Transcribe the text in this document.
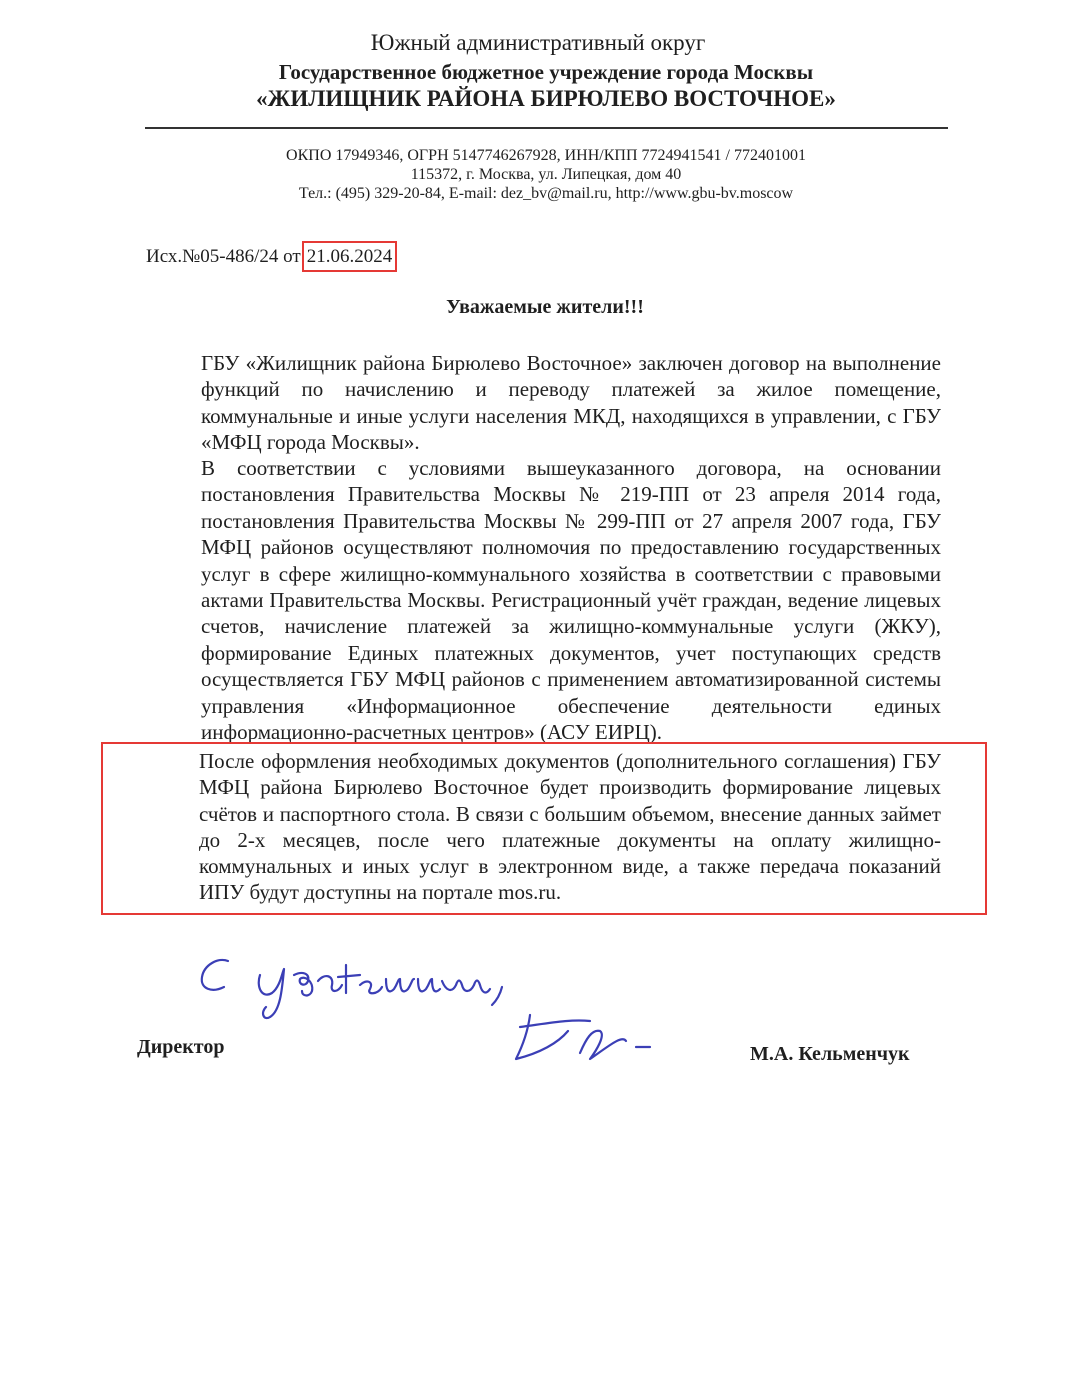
Южный административный округ
Государственное бюджетное учреждение города Москвы
«ЖИЛИЩНИК РАЙОНА БИРЮЛЕВО ВОСТОЧНОЕ»
ОКПО 17949346, ОГРН 5147746267928, ИНН/КПП 7724941541 / 772401001
115372, г. Москва, ул. Липецкая, дом 40
Тел.: (495) 329-20-84, E-mail: dez_bv@mail.ru, http://www.gbu-bv.moscow
Исх.№05-486/24 от 21.06.2024
Уважаемые жители!!!
ГБУ «Жилищник района Бирюлево Восточное» заключен договор на выполнение функций по начислению и переводу платежей за жилое помещение, коммунальные и иные услуги населения МКД, находящихся в управлении, с ГБУ «МФЦ города Москвы».
В соответствии с условиями вышеуказанного договора, на основании постановления Правительства Москвы № 219-ПП от 23 апреля 2014 года, постановления Правительства Москвы № 299-ПП от 27 апреля 2007 года, ГБУ МФЦ районов осуществляют полномочия по предоставлению государственных услуг в сфере жилищно-коммунального хозяйства в соответствии с правовыми актами Правительства Москвы. Регистрационный учёт граждан, ведение лицевых счетов, начисление платежей за жилищно-коммунальные услуги (ЖКУ), формирование Единых платежных документов, учет поступающих средств осуществляется ГБУ МФЦ районов с применением автоматизированной системы управления «Информационное обеспечение деятельности единых информационно-расчетных центров» (АСУ ЕИРЦ).
После оформления необходимых документов (дополнительного соглашения) ГБУ МФЦ района Бирюлево Восточное будет производить формирование лицевых счётов и паспортного стола. В связи с большим объемом, внесение данных займет до 2-х месяцев, после чего платежные документы на оплату жилищно-коммунальных и иных услуг в электронном виде, а также передача показаний ИПУ будут доступны на портале mos.ru.
Директор	М.А. Кельменчук
